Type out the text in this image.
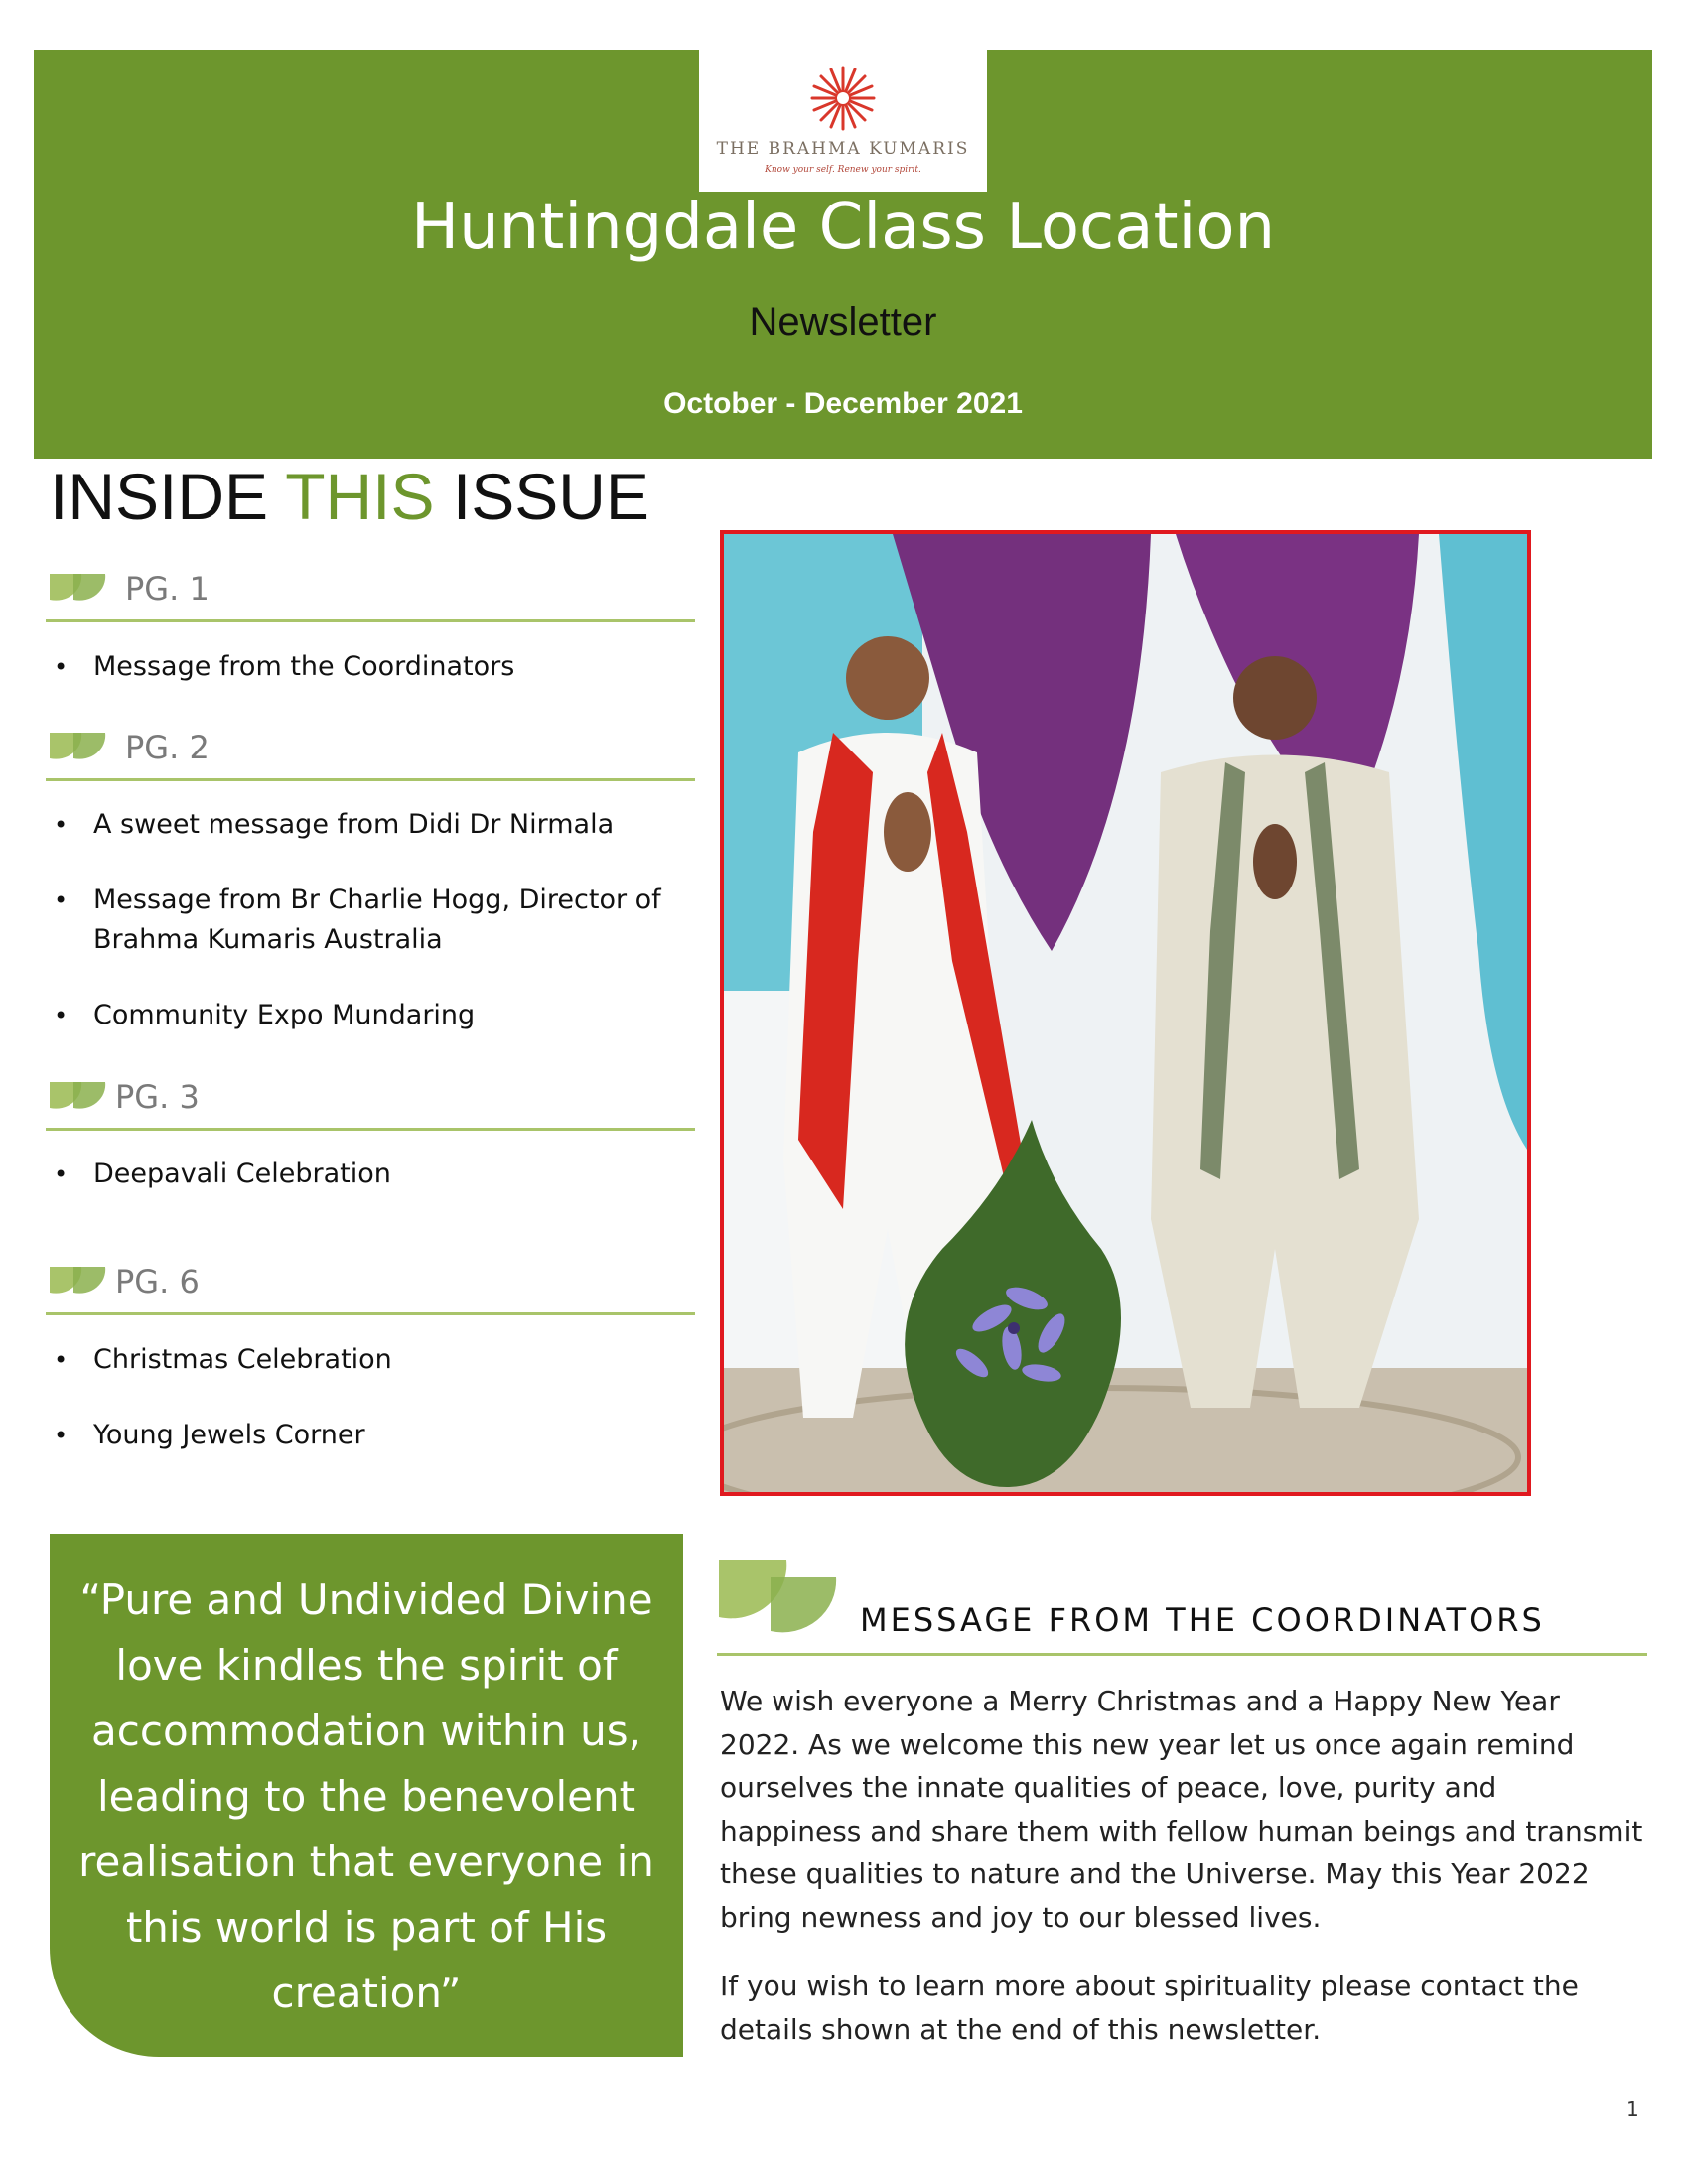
THE BRAHMA KUMARIS
Know your self. Renew your spirit.
Huntingdale Class Location
Newsletter
October - December 2021
INSIDE THIS ISSUE
PG. 1
• Message from the Coordinators
PG. 2
• A sweet message from Didi Dr Nirmala
• Message from Br Charlie Hogg, Director of Brahma Kumaris Australia
• Community Expo Mundaring
PG. 3
• Deepavali Celebration
PG. 6
• Christmas Celebration
• Young Jewels Corner
“Pure and Undivided Divine love kindles the spirit of accommodation within us, leading to the benevolent realisation that everyone in this world is part of His creation”
MESSAGE FROM THE COORDINATORS

We wish everyone a Merry Christmas and a Happy New Year 2022. As we welcome this new year let us once again remind ourselves the innate qualities of peace, love, purity and happiness and share them with fellow human beings and transmit these qualities to nature and the Universe. May this Year 2022 bring newness and joy to our blessed lives.

If you wish to learn more about spirituality please contact the details shown at the end of this newsletter.

1
